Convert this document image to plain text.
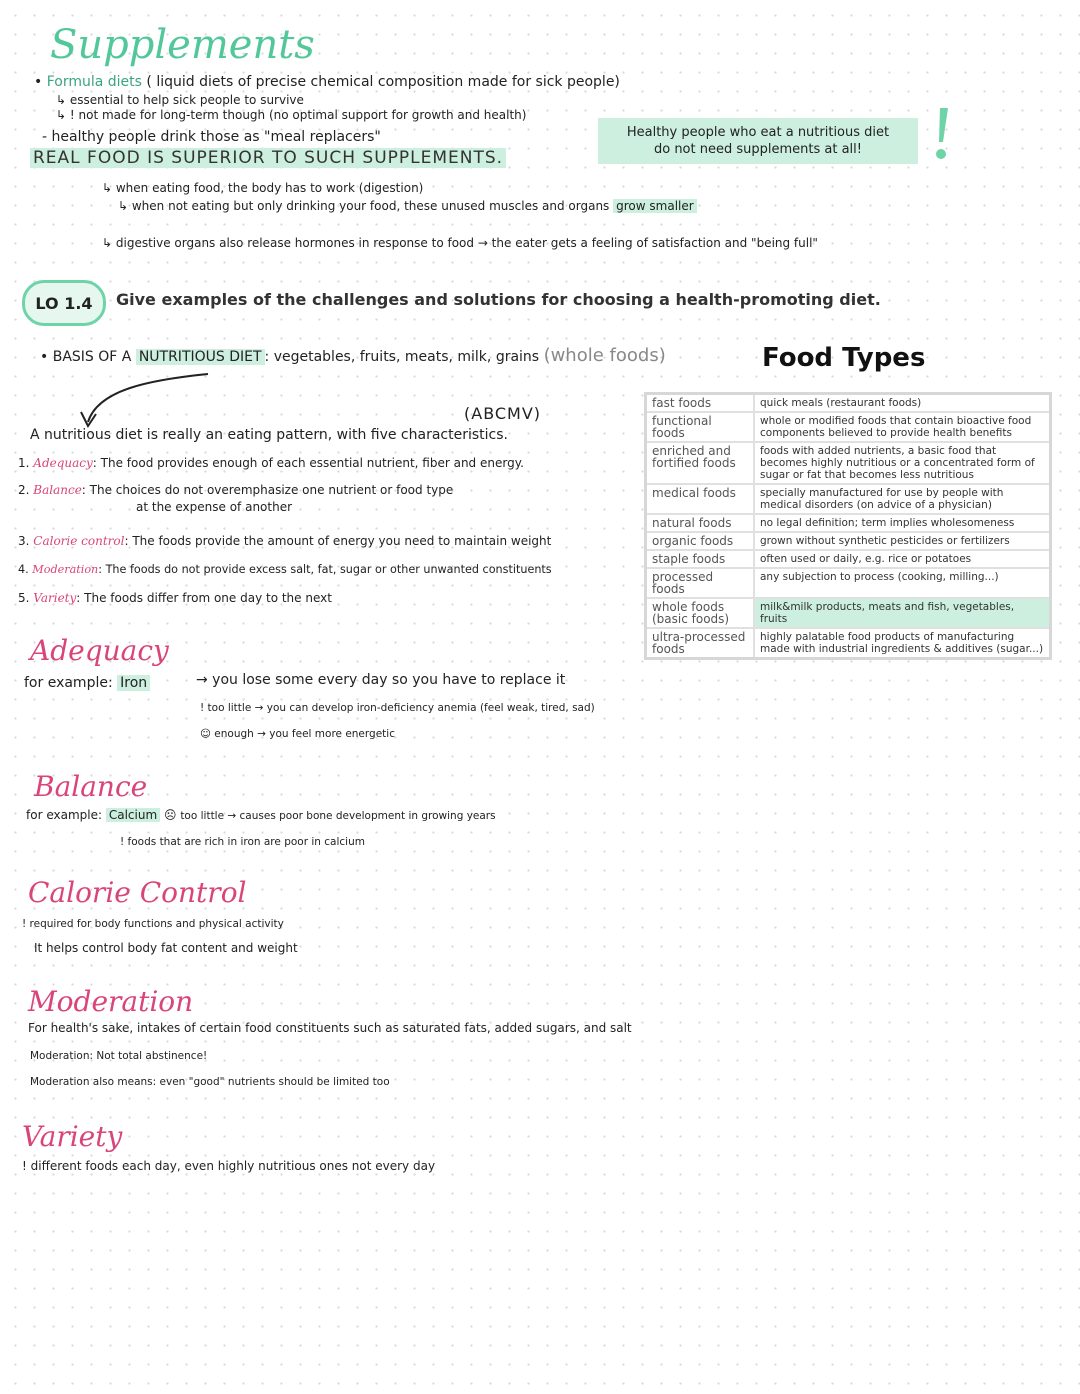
Supplements
• Formula diets ( liquid diets of precise chemical composition made for sick people)
↳ essential to help sick people to survive
↳ ! not made for long-term though (no optimal support for growth and health)
- healthy people drink those as "meal replacers"
REAL FOOD IS SUPERIOR TO SUCH SUPPLEMENTS.
↳ when eating food, the body has to work (digestion)
↳ when not eating but only drinking your food, these unused muscles and organs grow smaller
↳ digestive organs also release hormones in response to food → the eater gets a feeling of satisfaction and "being full"
Healthy people who eat a nutritious diet
do not need supplements at all!
LO 1.4	Give examples of the challenges and solutions for choosing a health-promoting diet.
• BASIS OF A NUTRITIOUS DIET : vegetables, fruits, meats, milk, grains (whole foods)
(ABCMV)
A nutritious diet is really an eating pattern, with five characteristics.
1. Adequacy: The food provides enough of each essential nutrient, fiber and energy.
2. Balance: The choices do not overemphasize one nutrient or food type
at the expense of another
3. Calorie control: The foods provide the amount of energy you need to maintain weight
4. Moderation: The foods do not provide excess salt, fat, sugar or other unwanted constituents
5. Variety: The foods differ from one day to the next
Adequacy
for example: Iron	→ you lose some every day so you have to replace it
! too little → you can develop iron-deficiency anemia (feel weak, tired, sad)
☺ enough → you feel more energetic
Balance
for example: Calcium ☹ too little → causes poor bone development in growing years
! foods that are rich in iron are poor in calcium
Calorie Control
! required for body functions and physical activity
It helps control body fat content and weight
Moderation
For health's sake, intakes of certain food constituents such as saturated fats, added sugars, and salt
Moderation: Not total abstinence!
Moderation also means: even "good" nutrients should be limited too
Variety
! different foods each day, even highly nutritious ones not every day
Food Types
fast foods	quick meals (restaurant foods)
functional foods	whole or modified foods that contain bioactive food components believed to provide health benefits
enriched and fortified foods	foods with added nutrients, a basic food that becomes highly nutritious or a concentrated form of sugar or fat that becomes less nutritious
medical foods	specially manufactured for use by people with medical disorders (on advice of a physician)
natural foods	no legal definition; term implies wholesomeness
organic foods	grown without synthetic pesticides or fertilizers
staple foods	often used or daily, e.g. rice or potatoes
processed foods	any subjection to process (cooking, milling...)
whole foods (basic foods)	milk&milk products, meats and fish, vegetables, fruits
ultra-processed foods	highly palatable food products of manufacturing made with industrial ingredients & additives (sugar...)
